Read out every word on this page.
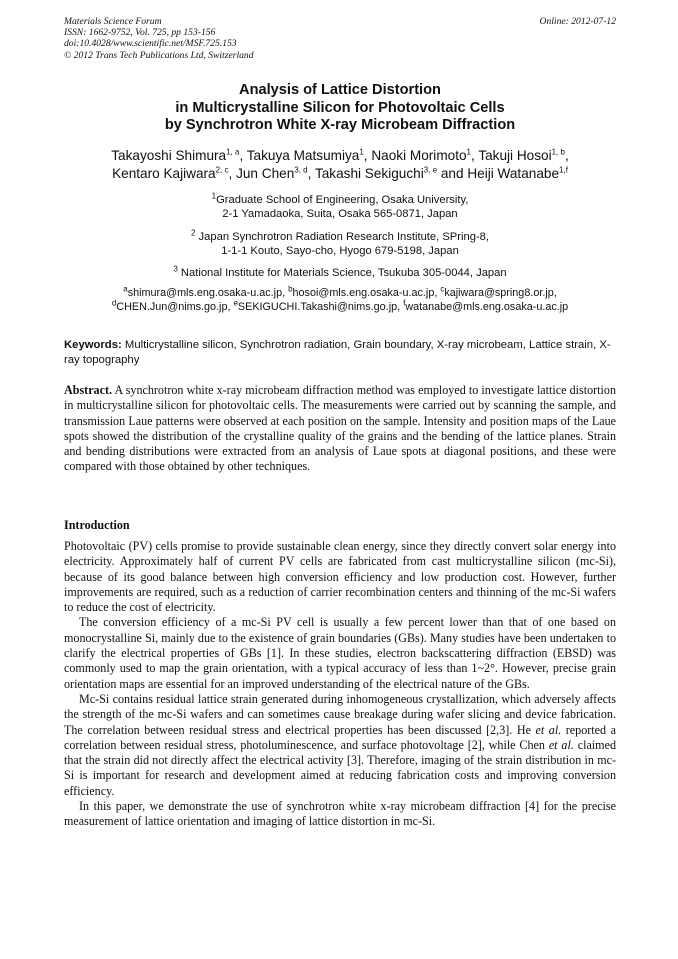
Materials Science Forum
ISSN: 1662-9752, Vol. 725, pp 153-156
doi:10.4028/www.scientific.net/MSF.725.153
© 2012 Trans Tech Publications Ltd, Switzerland
Online: 2012-07-12
Analysis of Lattice Distortion
in Multicrystalline Silicon for Photovoltaic Cells
by Synchrotron White X-ray Microbeam Diffraction
Takayoshi Shimura$^{1, a}$, Takuya Matsumiya$^1$, Naoki Morimoto$^1$, Takuji Hosoi$^{1, b}$,
Kentaro Kajiwara$^{2, c}$, Jun Chen$^{3, d}$, Takashi Sekiguchi$^{3, e}$ and Heiji Watanabe$^{1,f}$
$^1$Graduate School of Engineering, Osaka University,
2-1 Yamadaoka, Suita, Osaka 565-0871, Japan
$^2$ Japan Synchrotron Radiation Research Institute, SPring-8,
1-1-1 Kouto, Sayo-cho, Hyogo 679-5198, Japan
$^3$ National Institute for Materials Science, Tsukuba 305-0044, Japan
$^a$shimura@mls.eng.osaka-u.ac.jp, $^b$hosoi@mls.eng.osaka-u.ac.jp, $^c$kajiwara@spring8.or.jp,
$^d$CHEN.Jun@nims.go.jp, $^e$SEKIGUCHI.Takashi@nims.go.jp, $^f$watanabe@mls.eng.osaka-u.ac.jp
Keywords: Multicrystalline silicon, Synchrotron radiation, Grain boundary, X-ray microbeam, Lattice strain, X-ray topography

Abstract. A synchrotron white x-ray microbeam diffraction method was employed to investigate lattice distortion in multicrystalline silicon for photovoltaic cells. The measurements were carried out by scanning the sample, and transmission Laue patterns were observed at each position on the sample. Intensity and position maps of the Laue spots showed the distribution of the crystalline quality of the grains and the bending of the lattice planes. Strain and bending distributions were extracted from an analysis of Laue spots at diagonal positions, and these were compared with those obtained by other techniques.

Introduction

Photovoltaic (PV) cells promise to provide sustainable clean energy, since they directly convert solar energy into electricity. Approximately half of current PV cells are fabricated from cast multicrystalline silicon (mc-Si), because of its good balance between high conversion efficiency and low production cost. However, further improvements are required, such as a reduction of carrier recombination centers and thinning of the mc-Si wafers to reduce the cost of electricity.

The conversion efficiency of a mc-Si PV cell is usually a few percent lower than that of one based on monocrystalline Si, mainly due to the existence of grain boundaries (GBs). Many studies have been undertaken to clarify the electrical properties of GBs [1]. In these studies, electron backscattering diffraction (EBSD) was commonly used to map the grain orientation, with a typical accuracy of less than 1~2°. However, precise grain orientation maps are essential for an improved understanding of the electrical nature of the GBs.

Mc-Si contains residual lattice strain generated during inhomogeneous crystallization, which adversely affects the strength of the mc-Si wafers and can sometimes cause breakage during wafer slicing and device fabrication. The correlation between residual stress and electrical properties has been discussed [2,3]. He et al. reported a correlation between residual stress, photoluminescence, and surface photovoltage [2], while Chen et al. claimed that the strain did not directly affect the electrical activity [3]. Therefore, imaging of the strain distribution in mc-Si is important for research and development aimed at reducing fabrication costs and improving conversion efficiency.

In this paper, we demonstrate the use of synchrotron white x-ray microbeam diffraction [4] for the precise measurement of lattice orientation and imaging of lattice distortion in mc-Si.
